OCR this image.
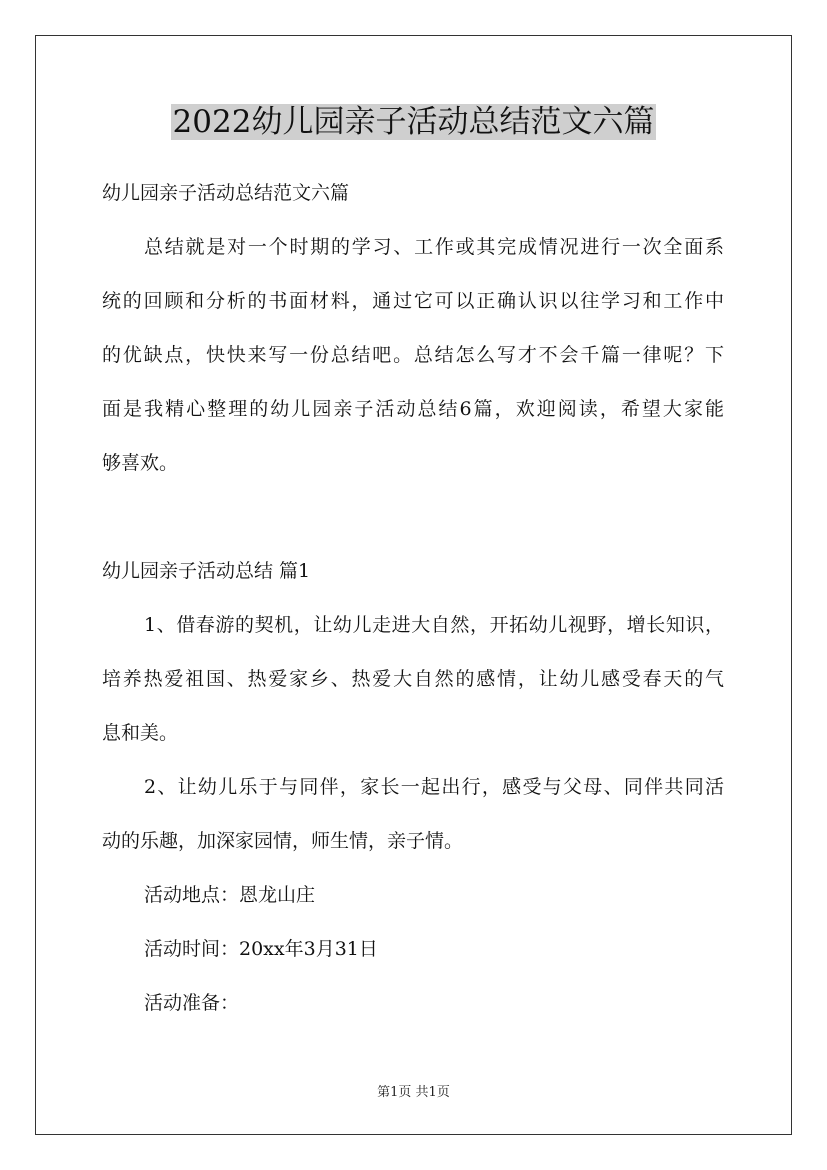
2022幼儿园亲子活动总结范文六篇
幼儿园亲子活动总结范文六篇
总结就是对一个时期的学习、工作或其完成情况进行一次全面系
统的回顾和分析的书面材料，通过它可以正确认识以往学习和工作中
的优缺点，快快来写一份总结吧。总结怎么写才不会千篇一律呢？下
面是我精心整理的幼儿园亲子活动总结6篇，欢迎阅读，希望大家能
够喜欢。
幼儿园亲子活动总结 篇1
1、借春游的契机，让幼儿走进大自然，开拓幼儿视野，增长知识，
培养热爱祖国、热爱家乡、热爱大自然的感情，让幼儿感受春天的气
息和美。
2、让幼儿乐于与同伴，家长一起出行，感受与父母、同伴共同活
动的乐趣，加深家园情，师生情，亲子情。
活动地点：恩龙山庄
活动时间：20xx年3月31日
活动准备：
第1页 共1页
